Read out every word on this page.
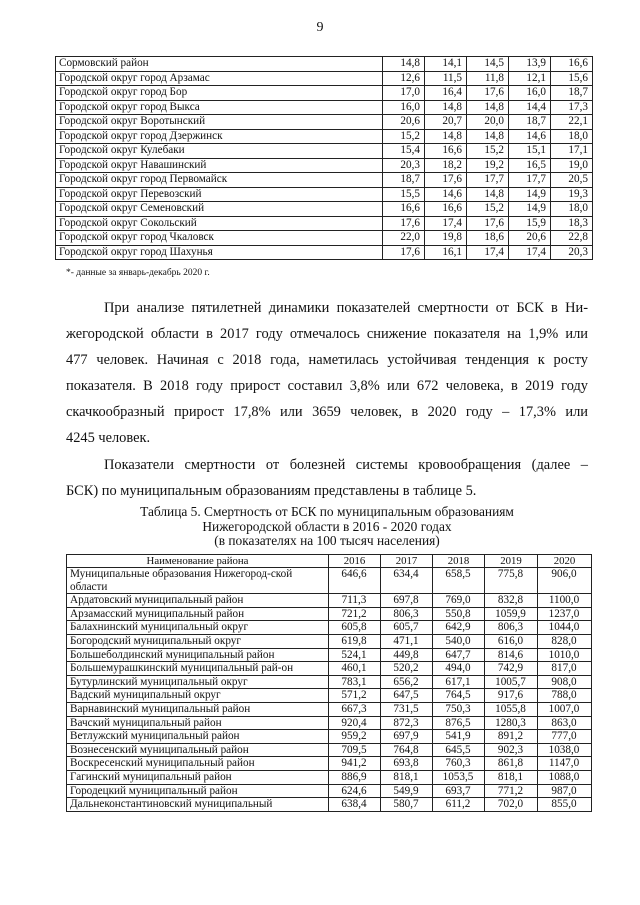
9
Сормовский район	14,8	14,1	14,5	13,9	16,6
Городской округ город Арзамас	12,6	11,5	11,8	12,1	15,6
Городской округ город Бор	17,0	16,4	17,6	16,0	18,7
Городской округ город Выкса	16,0	14,8	14,8	14,4	17,3
Городской округ Воротынский	20,6	20,7	20,0	18,7	22,1
Городской округ город Дзержинск	15,2	14,8	14,8	14,6	18,0
Городской округ Кулебаки	15,4	16,6	15,2	15,1	17,1
Городской округ Навашинский	20,3	18,2	19,2	16,5	19,0
Городской округ город Первомайск	18,7	17,6	17,7	17,7	20,5
Городской округ Перевозский	15,5	14,6	14,8	14,9	19,3
Городской округ Семеновский	16,6	16,6	15,2	14,9	18,0
Городской округ Сокольский	17,6	17,4	17,6	15,9	18,3
Городской округ город Чкаловск	22,0	19,8	18,6	20,6	22,8
Городской округ город Шахунья	17,6	16,1	17,4	17,4	20,3
*- данные за январь-декабрь 2020 г.

При анализе пятилетней динамики показателей смертности от БСК в Ни-
жегородской области в 2017 году отмечалось снижение показателя на 1,9% или
477 человек. Начиная с 2018 года, наметилась устойчивая тенденция к росту
показателя. В 2018 году прирост составил 3,8% или 672 человека, в 2019 году
скачкообразный прирост 17,8% или 3659 человек, в 2020 году – 17,3% или
4245 человек.

Показатели смертности от болезней системы кровообращения (далее –
БСК) по муниципальным образованиям представлены в таблице 5.

Таблица 5. Смертность от БСК по муниципальным образованиям
Нижегородской области в 2016 - 2020 годах
(в показателях на 100 тысяч населения)
Наименование района	2016	2017	2018	2019	2020
Муниципальные образования Нижегород-ской области	646,6	634,4	658,5	775,8	906,0
Ардатовский муниципальный район	711,3	697,8	769,0	832,8	1100,0
Арзамасский муниципальный район	721,2	806,3	550,8	1059,9	1237,0
Балахнинский муниципальный округ	605,8	605,7	642,9	806,3	1044,0
Богородский муниципальный округ	619,8	471,1	540,0	616,0	828,0
Большеболдинский муниципальный район	524,1	449,8	647,7	814,6	1010,0
Большемурашкинский муниципальный рай-он	460,1	520,2	494,0	742,9	817,0
Бутурлинский муниципальный округ	783,1	656,2	617,1	1005,7	908,0
Вадский муниципальный округ	571,2	647,5	764,5	917,6	788,0
Варнавинский муниципальный район	667,3	731,5	750,3	1055,8	1007,0
Вачский муниципальный район	920,4	872,3	876,5	1280,3	863,0
Ветлужский муниципальный район	959,2	697,9	541,9	891,2	777,0
Вознесенский муниципальный район	709,5	764,8	645,5	902,3	1038,0
Воскресенский муниципальный район	941,2	693,8	760,3	861,8	1147,0
Гагинский муниципальный район	886,9	818,1	1053,5	818,1	1088,0
Городецкий муниципальный район	624,6	549,9	693,7	771,2	987,0
Дальнеконстантиновский муниципальный	638,4	580,7	611,2	702,0	855,0
